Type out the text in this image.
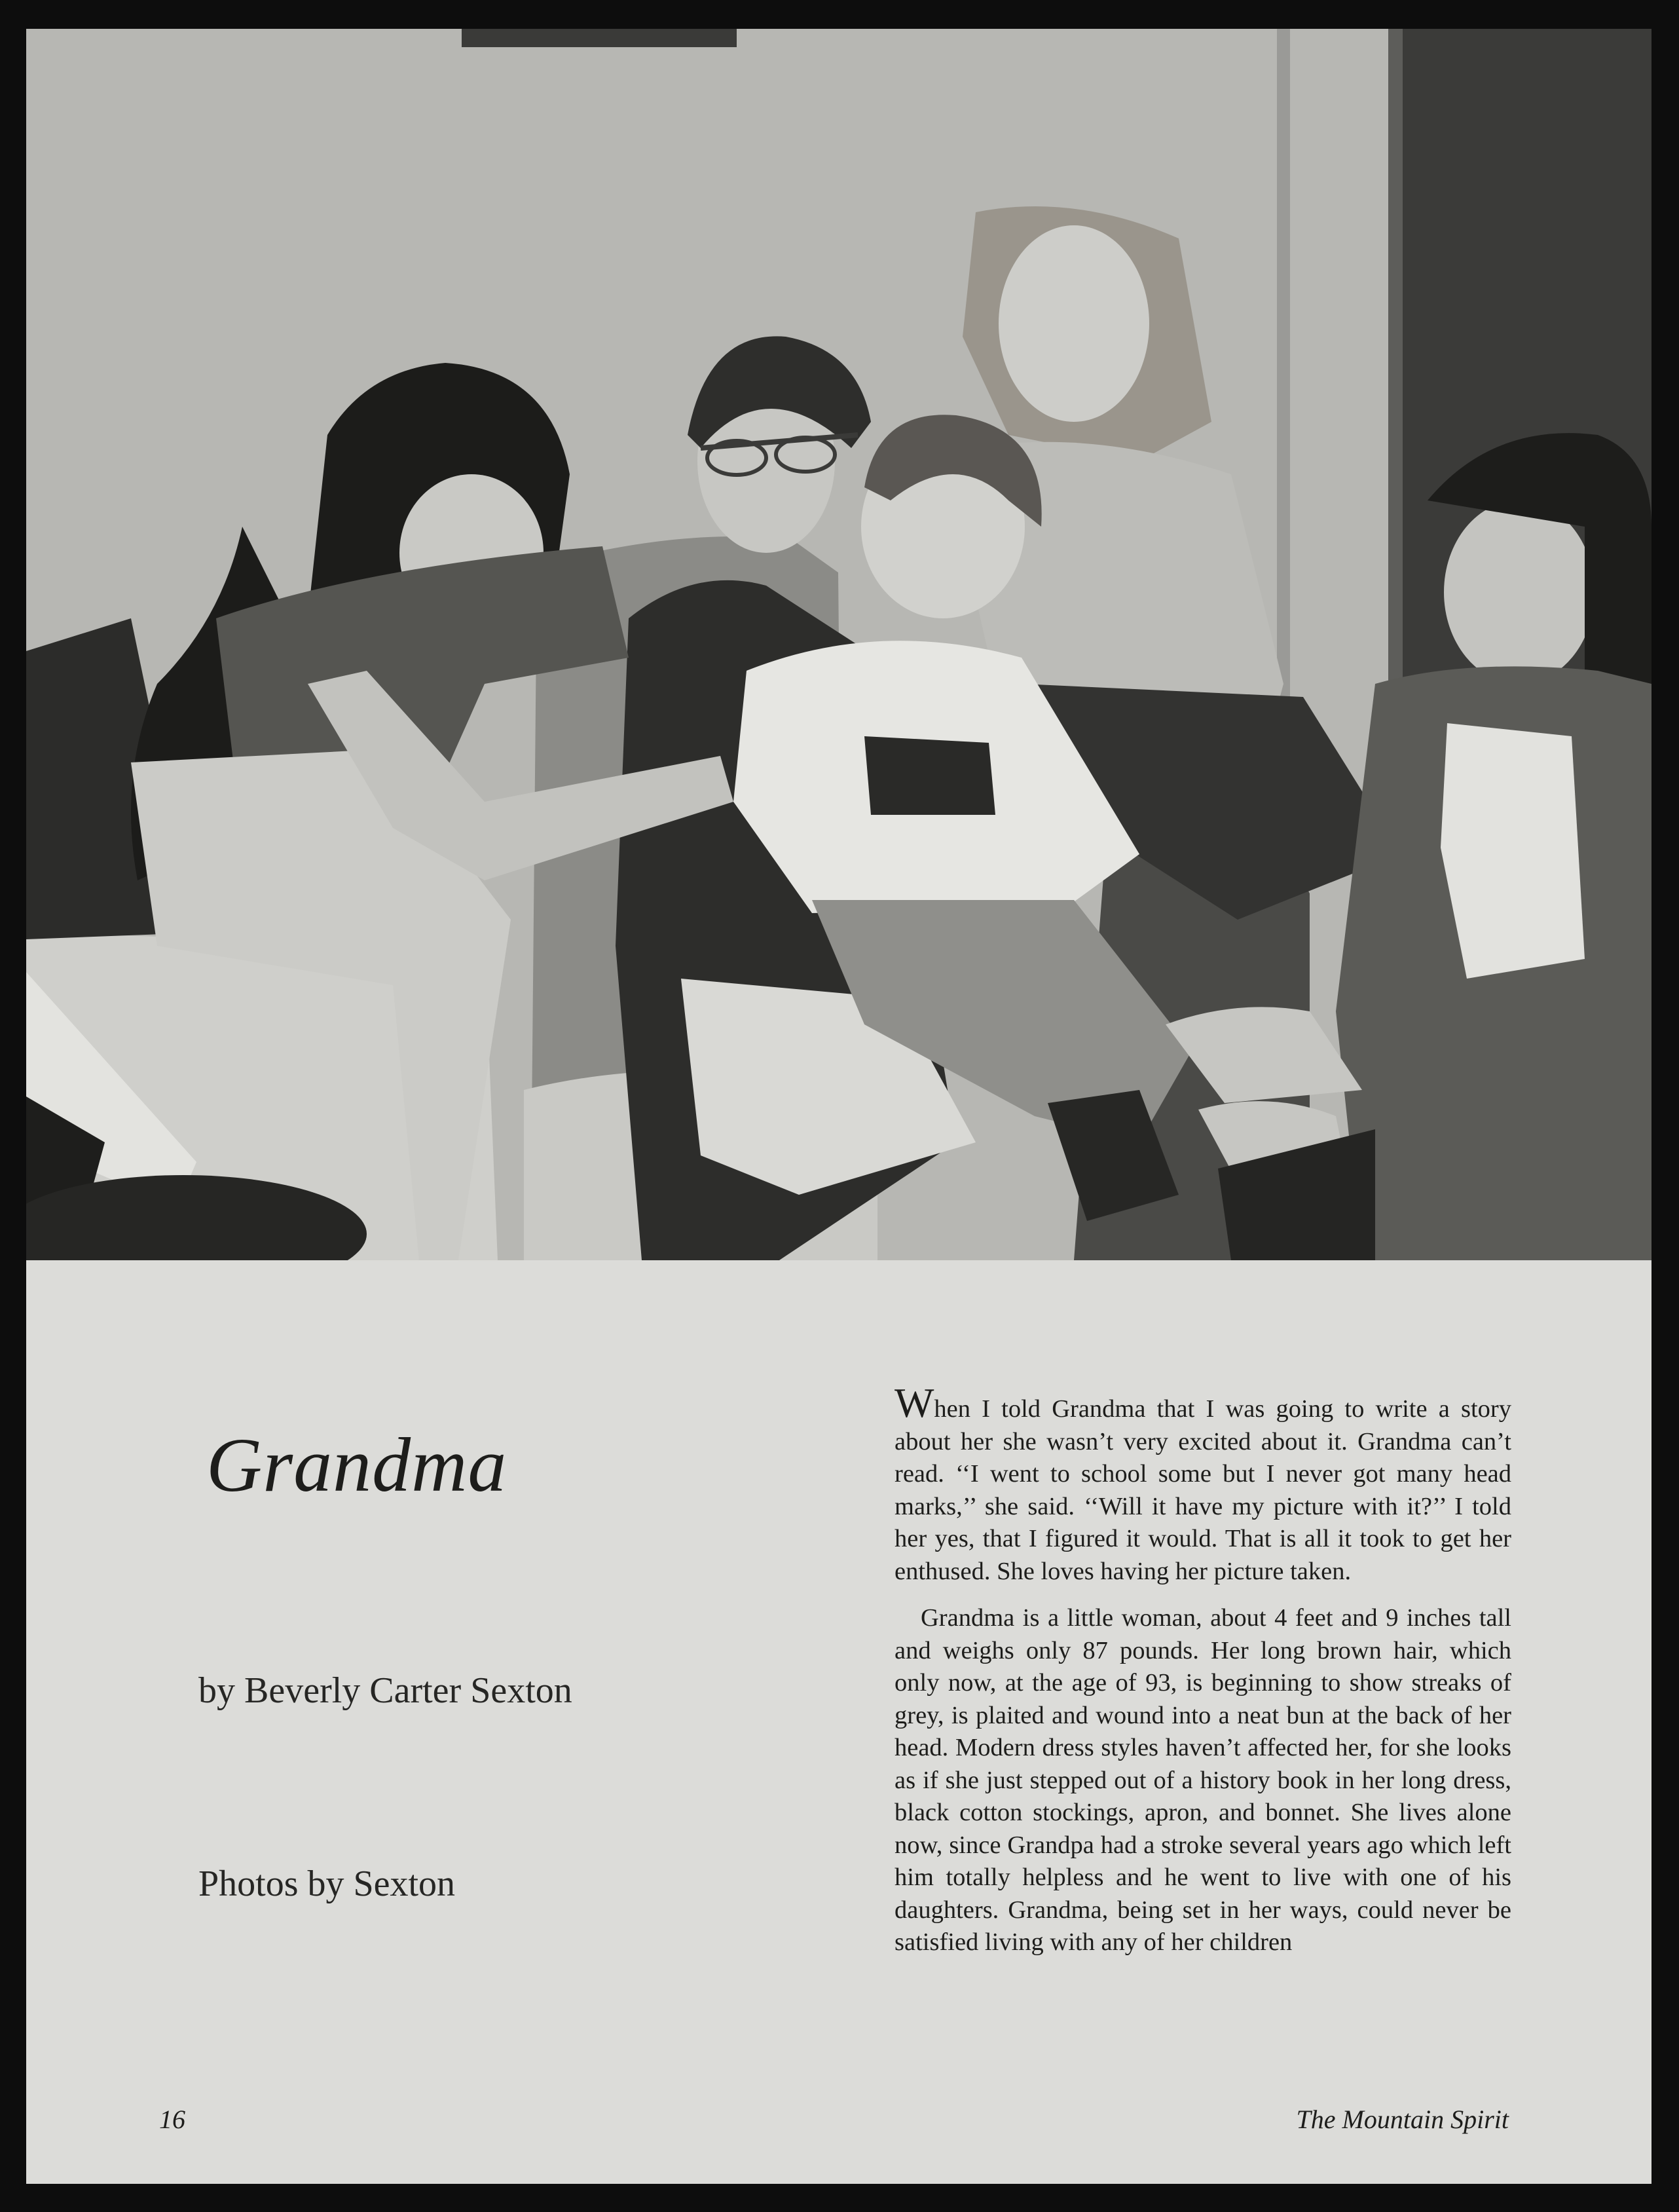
Grandma
by Beverly Carter Sexton
Photos by Sexton

When I told Grandma that I was going to write a story about her she wasn’t very excited about it. Grandma can’t read. ‘‘I went to school some but I never got many head marks,’’ she said. ‘‘Will it have my picture with it?’’ I told her yes, that I figured it would. That is all it took to get her enthused. She loves having her picture taken.

Grandma is a little woman, about 4 feet and 9 inches tall and weighs only 87 pounds. Her long brown hair, which only now, at the age of 93, is beginning to show streaks of grey, is plaited and wound into a neat bun at the back of her head. Modern dress styles haven’t affected her, for she looks as if she just stepped out of a history book in her long dress, black cotton stockings, apron, and bonnet. She lives alone now, since Grandpa had a stroke several years ago which left him totally helpless and he went to live with one of his daughters. Grandma, being set in her ways, could never be satisfied living with any of her children

16	The Mountain Spirit
